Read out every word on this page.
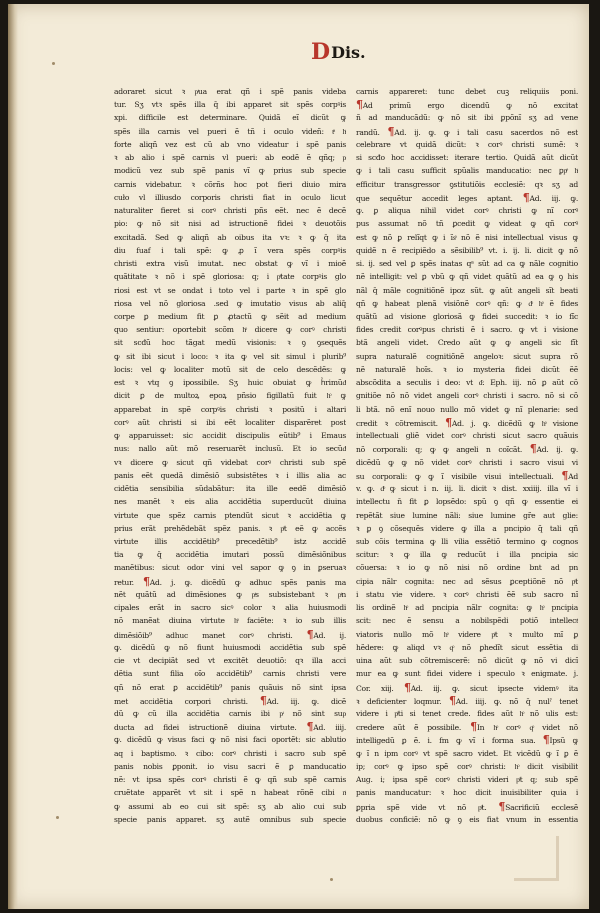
D Dis.
adoraret sicut ꝛ pͥua erat qñ i spẽ panis videba
tur. Sʒ vtꝛ spẽs illa q̄ ibi apparet sit spẽs corpꝰis
xpi. difficile est determinare. Quidã eĩ dicũt ꝙ
spẽs illa carnis vel pueri ẽ tñ i oculo videñ: tͣ hͦ
forte aliqñ vez est cũ ab vno videatur i spẽ panis
ꝛ ab alio i spẽ carnis vl pueri: ab eodẽ ẽ qñq; pͥ
modicũ vez sub spẽ panis vĩ ꝙ prius sub specie
carnis videbatur. ꝛ cõrñs hoc pot fieri diuio mira
cuło vl illiusdo corporis christi fiat in oculo licut
naturaliter fieret si corꝰ christi pñs eẽt. nec ẽ decẽ
pio: ꝙ nõ sit nisi ad istructionẽ fidei ꝛ deuotõis
excitadã. Sed ꝙ aliqñ ab oibus ita vꝛ: ꝛ ꝙ q̄ ita
diu fuaf i tali spẽ: ꝙ ꝓ ĩ vera spẽs corpꝰis
christi extra visũ imutat. nec obstat ꝙ vĩ i mioẽ
quãtitate ꝛ nõ i spẽ gloriosa: q; i pͣtate corpꝰis glo
riosi est vt se ondat i toto vel i parte ꝛ in spẽ glo
riosa vel nõ gloriosa .sed ꝙ imutatio visus ab aliq̄
corpe ꝑ medium fit ꝑ ꝓtactũ ꝙ sẽit ad medium
quo sentiur: oportebit scõm hͦ dicere ꝙ corꝰ christi
sit scđũ hoc tãgat medũ visionis: ꝛ ꝯ ꝯsequẽs
ꝙ sit ibi sicut i loco: ꝛ ita ꝙ vel sit simul i plurib⁹
locis: vel ꝙ localiter motũ sit de celo descẽdẽs: ꝙ
est ꝛ vtq ꝯ ipossibile. Sʒ huic obuiat ꝙ hᷤrimũdͦ
dicit ꝑ de multoꝝ epoꝝ pñsio figillatũ fuit hͦ ꝙ
apparebat in spẽ corpꝰis christi ꝛ positũ i altari
corꝰ aũt christi si ibi eẽt localiter disparẽret post
ꝙ apparuisset: sic accidit discipulis eũtib⁹ i Emaus
nus: nallo aũt mõ reseruarẽt inclusũ. Et io secũdͦ
vꝛ dicere ꝙ sicut qñ videbat corꝰ christi sub spẽ
panis eẽt quedã dimẽsiõ subsistẽtes ꝛ i illis alia ac
cidẽtia sensibilia sũdabãtur: ita ille eedẽ dimẽsiõ
nes manẽt ꝛ eis alia accidẽtia superducũt diuina
virtute que spẽz carnis ptendũt sicut ꝛ accidẽtia ꝙ
prius erãt prehẽdebãt spẽz panis. ꝛ pͦt eẽ ꝙ accẽs
virtute illis accidẽtib⁹ precedẽtib⁹ istz accidẽ
tia ꝙ q̄ accidẽtia imutari possũ dimẽsiõnibus
manẽtibus: sicut odor vini vel sapor ꝙ ꝯ in ꝑseruaꝛ
retur. ¶Ad. j. ꝙ. dicẽdũ ꝙ adhuc spẽs panis ma
nẽt quãtũ ad dimẽsiones ꝙ pͥs subsistebant ꝛ pͥn
cipales erãt in sacro sicꝰ color ꝛ alia huiusmodi
nõ manẽat diuina virtute hͦ faciẽte: ꝛ io sub illis
dimẽsiõib⁹ adhuc manet corꝰ christi. ¶Ad. ij.
ꝙ. dicẽdũ ꝙ nõ fiunt huiusmodi accidẽtia sub spẽ
cie vt decipiãt sed vt excitẽt deuotiõ: qꝛ illa acci
dẽtia sunt filia oĩo accidẽtib⁹ carnis christi vere
qñ nõ erat ꝑ accidẽtib⁹ panis quãuis nõ sint ipsa
met accidẽtia corpori christi. ¶Ad. iij. ꝙ. dicẽ
dũ ꝙ cũ illa accidẽtia carnis ibi pͥ nõ sint supͥ
ducta ad fidei istructionẽ diuina virtute. ¶Ad. iiij.
ꝙ. dicẽdũ ꝙ visus faci ꝙ nõ nisi faci oportẽt: sic ablutio
aq i baptismo. ꝛ cibo: corꝰ christi i sacro sub spẽ
panis nobis ꝑponit. io visu sacri ẽ ꝑ manducatio
nẽ: vt ipsa spẽs corꝰ christi ẽ ꝙ qñ sub spẽ carnis
cruẽtate apparẽt vt sit i spẽ n habeat rõnẽ cibi nͦ
ꝙ assumi ab eo cui sit spẽ: sʒ ab alio cui sub
specie panis apparet. sʒ autẽ omnibus sub specie
carnis appareret: tunc debet cuꝫ reliquiis poni.
¶Ad primũ ergo dicendũ ꝙ nõ excitat
ñ ad manducãdũ: ꝙ nõ sit ibi ꝑpõnĩ sʒ ad vene
randũ. ¶Ad. ij. ꝙ. ꝙ i tali casu sacerdos nõ est
celebrare vt quidã dicũt: ꝛ corꝰ christi sumẽ: ꝛ
si scđo hoc accidisset: iterare tertio. Quidã aũt dicũt
ꝙ i tali casu sufficit spũalis manducatio: nec ꝑpͤ hͦ
efficitur transgressor ꝯstitutiõis ecclesiẽ: qꝛ sʒ ad
que sequẽtur accedit leges aptant. ¶Ad. iij. ꝙ.
ꝙ. ꝑ aliqua nihil videt corꝰ christi ꝙ nĩ corꝰ
pus assumat nõ tñ ꝑcedit ꝙ videat ꝙ qñ corꝰ
est ꝙ nõ ꝑ relĩqt ꝙ i ĩsͦ nõ ẽ nisi intellectual visus ꝙ
quidẽ n ẽ recipiẽdo a sẽsibilib⁹ vt. i. ij. li. dicit ꝙ nõ
si. ij. sed vel ꝑ spẽs inatas qᵃ sũt ad ca ꝙ nãle cognitio
nẽ intelligit: vel ꝑ vbũ ꝙ qñ videt quãtũ ad ea ꝙ ꝯ his
nãl q̄ mãle cognitiõnẽ ipoz sũt. ꝙ aũt angeli sĩt beati
qñ ꝙ habeat plenã visiõnẽ corꝰ qñ: ꝙ dͦ hͦ ẽ fides
quãtũ ad visione gloriosã ꝙ fidei succedit: ꝛ io fĩc
fides credit corꝰpus christi ẽ i sacro. ꝙ vt i visione
btã angeli videt. Credo aũt ꝙ ꝙ angeli sic fĩt
supra naturalẽ cognitiõnẽ angeloꝛ: sicut supra rõ
nẽ naturalẽ hoĩs. ꝛ io mysteria fidei dicũt ẽẽ
abscõdita a seculis i deo: vt dͦ. Eph. iij. nõ ꝑ aũt cõ
gnitiõe nõ nõ videt angeli corꝰ christi i sacro. nõ si cõ
li btã. nõ enĩ nouo nullo mõ videt ꝙ nĩ plenarie: sed
credit ꝛ cõtremiscit. ¶Ad. j. ꝙ. dicẽdũ ꝙ hͦ visione
intellectuali gliẽ videt corꝰ christi sicut sacro quãuis
nõ corporali: q; ꝙ ꝙ angeli n coĩcãt. ¶Ad. ij. ꝙ.
dicẽdũ ꝙ ꝙ nõ videt corꝰ christi i sacro visui vi
su corporali: ꝙ ꝙ ĩ visibile visui intellectuali. ¶Ad
v. ꝙ. dͦ ꝙ sicut i n. iij. li. dicit ꝛ dist. xxiiij. illa vĩ i
intellectu n̄ fit ꝑ lopsẽdo: spũ ꝯ qñ ꝙ essentie ei
repẽtãt siue lumine nãli: siue lumine gr̃e aut glie:
ꝛ ꝑ ꝯ cõsequẽs videre ꝙ illa a pncipio q̃ tali qñ
sub cõis termina ꝙ lli vilia essẽtiõ termino ꝙ cognos
scitur: ꝛ ꝙ illa ꝙ reducũt i illa pncipia sic
cõuersa: ꝛ io ꝙ nõ nisi nõ ordine bnt ad pn
cipia nãlr cognita: nec ad sẽsus ꝑceptiõnẽ nõ pͦt
i statu vie videre. ꝛ corꝰ christi ẽẽ sub sacro nĩ
lis ordinẽ hͦ ad pncipia nãlr cognita: ꝙ hͦ pncipia
scit: nec ẽ sensu a nobilspẽdi potiõ intellectͦ
viatoris nullo mõ hͦ videre pͦt ꝛ multo mĩ ꝑ
hẽdere: ꝙ aliqd vꝛ qͦ nõ ꝑhedĩt sicut essẽtia di
uina aũt sub cõtremiscerẽ: nõ dicũt ꝙ nõ vi dicĩ
mur ea ꝙ sunt fidei videre i speculo ꝛ enigmate. j.
Cor. xiij. ¶Ad. iij. ꝙ. sicut ipsecte videmꝰ ita
ꝛ deficienter loqmur. ¶Ad. iiij. ꝙ. nõ q̄ nulˀ tenet
videre i pͦti si tenet crede. fides aũt hͦ nõ ulis est:
credere aũt ẽ possibile. ¶In hͦ corꝰ qͦ videt nõ
intelligedũ ꝑ ẽ. i. fm ꝙ vĩ i forma sua. ¶Ipsũ ꝙ
ꝙ ĩ n ipm corꝰ vt spẽ sacro videt. Et vicẽdũ ꝙ ĩ ꝑ ẽ
ip; corꝰ ꝙ ipso spẽ corꝰ christi: hͦ dicit visibilit
Aug. i; ipsa spẽ corꝰ christi videri pͦt q; sub spẽ
panis manducatur: ꝛ hoc dicit inuisibiliter quia i
ꝑpria spẽ vide vt nõ pͦt. ¶Sacrificiũ ecclesẽ
duobus conficiẽ: nõ ꝙ ꝯ eis fiat vnum in essentia
